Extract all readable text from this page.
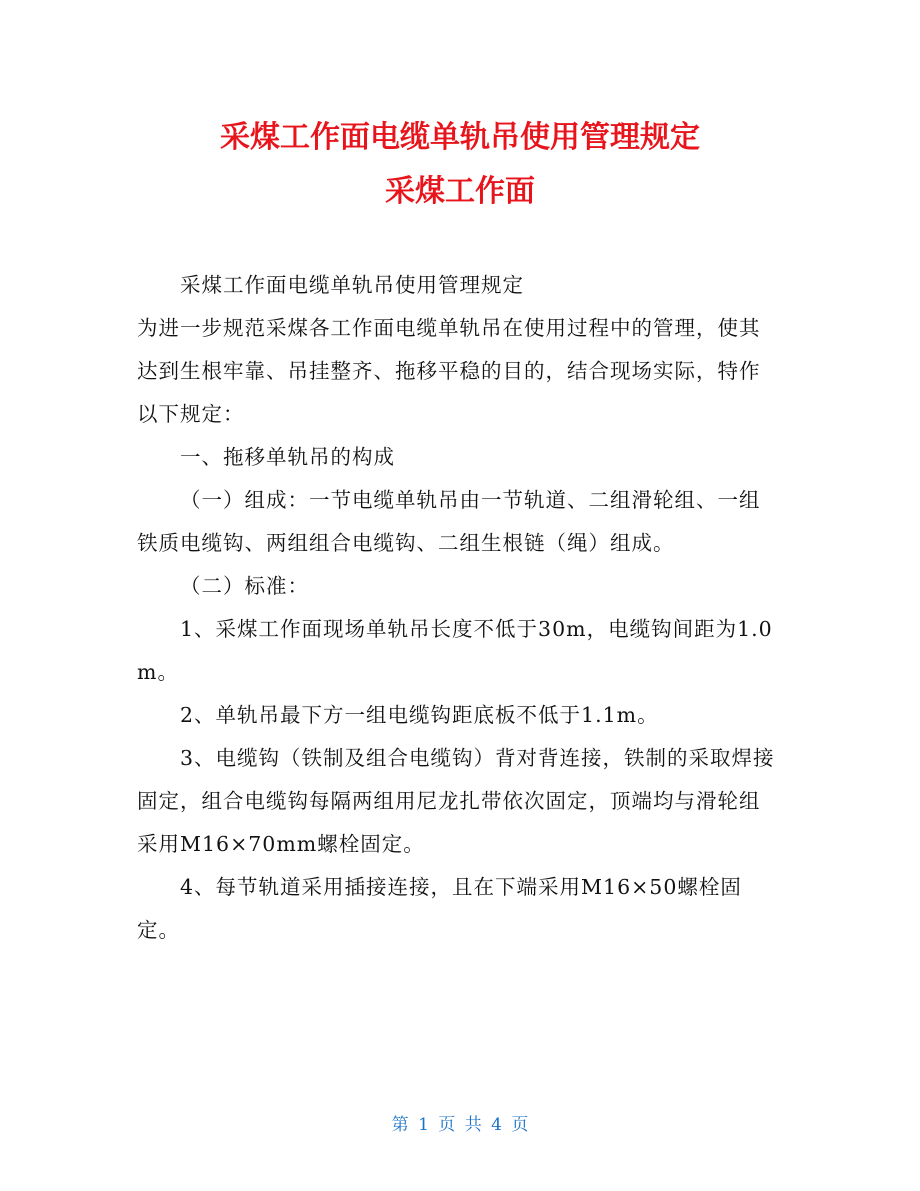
采煤工作面电缆单轨吊使用管理规定
采煤工作面

采煤工作面电缆单轨吊使用管理规定

为进一步规范采煤各工作面电缆单轨吊在使用过程中的管理，使其达到生根牢靠、吊挂整齐、拖移平稳的目的，结合现场实际，特作以下规定：

一、拖移单轨吊的构成

（一）组成：一节电缆单轨吊由一节轨道、二组滑轮组、一组铁质电缆钩、两组组合电缆钩、二组生根链（绳）组成。

（二）标准：

1、采煤工作面现场单轨吊长度不低于30m，电缆钩间距为1.0m。

2、单轨吊最下方一组电缆钩距底板不低于1.1m。

3、电缆钩（铁制及组合电缆钩）背对背连接，铁制的采取焊接固定，组合电缆钩每隔两组用尼龙扎带依次固定，顶端均与滑轮组采用M16×70mm螺栓固定。

4、每节轨道采用插接连接，且在下端采用M16×50螺栓固定。

第 1 页 共 4 页
